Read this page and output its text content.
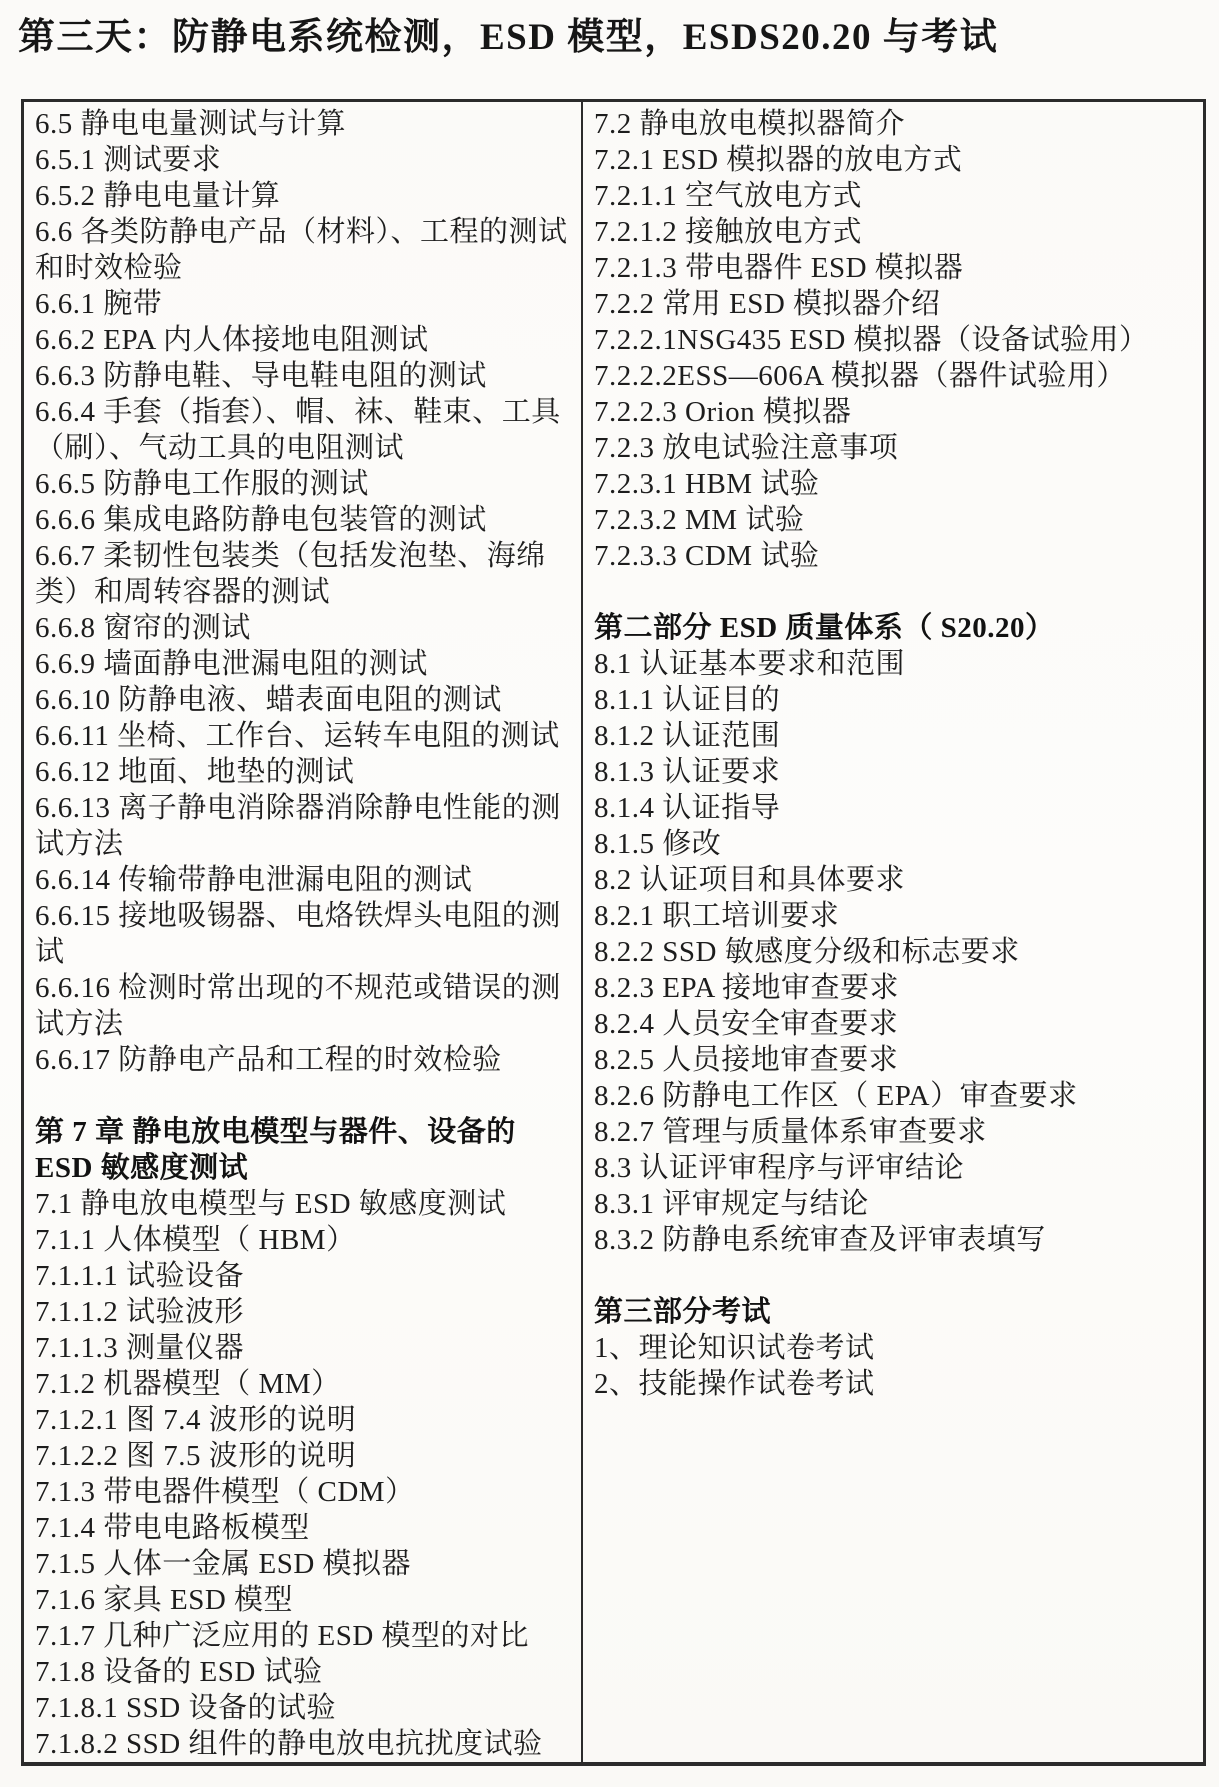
第三天：防静电系统检测，ESD 模型，ESDS20.20 与考试
6.5 静电电量测试与计算
6.5.1 测试要求
6.5.2 静电电量计算
6.6 各类防静电产品（材料）、工程的测试和时效检验
6.6.1 腕带
6.6.2 EPA 内人体接地电阻测试
6.6.3 防静电鞋、导电鞋电阻的测试
6.6.4 手套（指套）、帽、袜、鞋束、工具（刷）、气动工具的电阻测试
6.6.5 防静电工作服的测试
6.6.6 集成电路防静电包装管的测试
6.6.7 柔韧性包装类（包括发泡垫、海绵类）和周转容器的测试
6.6.8 窗帘的测试
6.6.9 墙面静电泄漏电阻的测试
6.6.10 防静电液、蜡表面电阻的测试
6.6.11 坐椅、工作台、运转车电阻的测试
6.6.12 地面、地垫的测试
6.6.13 离子静电消除器消除静电性能的测试方法
6.6.14 传输带静电泄漏电阻的测试
6.6.15 接地吸锡器、电烙铁焊头电阻的测试
6.6.16 检测时常出现的不规范或错误的测试方法
6.6.17 防静电产品和工程的时效检验
第 7 章 静电放电模型与器件、设备的 ESD 敏感度测试
7.1 静电放电模型与 ESD 敏感度测试
7.1.1 人体模型（ HBM）
7.1.1.1 试验设备
7.1.1.2 试验波形
7.1.1.3 测量仪器
7.1.2 机器模型（ MM）
7.1.2.1 图 7.4 波形的说明
7.1.2.2 图 7.5 波形的说明
7.1.3 带电器件模型（ CDM）
7.1.4 带电电路板模型
7.1.5 人体一金属 ESD 模拟器
7.1.6 家具 ESD 模型
7.1.7 几种广泛应用的 ESD 模型的对比
7.1.8 设备的 ESD 试验
7.1.8.1 SSD 设备的试验
7.1.8.2 SSD 组件的静电放电抗扰度试验
7.2 静电放电模拟器简介
7.2.1 ESD 模拟器的放电方式
7.2.1.1 空气放电方式
7.2.1.2 接触放电方式
7.2.1.3 带电器件 ESD 模拟器
7.2.2 常用 ESD 模拟器介绍
7.2.2.1NSG435 ESD 模拟器（设备试验用）
7.2.2.2ESS—606A 模拟器（器件试验用）
7.2.2.3 Orion 模拟器
7.2.3 放电试验注意事项
7.2.3.1 HBM 试验
7.2.3.2 MM 试验
7.2.3.3 CDM 试验
第二部分 ESD 质量体系（ S20.20）
8.1 认证基本要求和范围
8.1.1 认证目的
8.1.2 认证范围
8.1.3 认证要求
8.1.4 认证指导
8.1.5 修改
8.2 认证项目和具体要求
8.2.1 职工培训要求
8.2.2 SSD 敏感度分级和标志要求
8.2.3 EPA 接地审查要求
8.2.4 人员安全审查要求
8.2.5 人员接地审查要求
8.2.6 防静电工作区（ EPA）审查要求
8.2.7 管理与质量体系审查要求
8.3 认证评审程序与评审结论
8.3.1 评审规定与结论
8.3.2 防静电系统审查及评审表填写
第三部分考试
1、理论知识试卷考试
2、技能操作试卷考试
